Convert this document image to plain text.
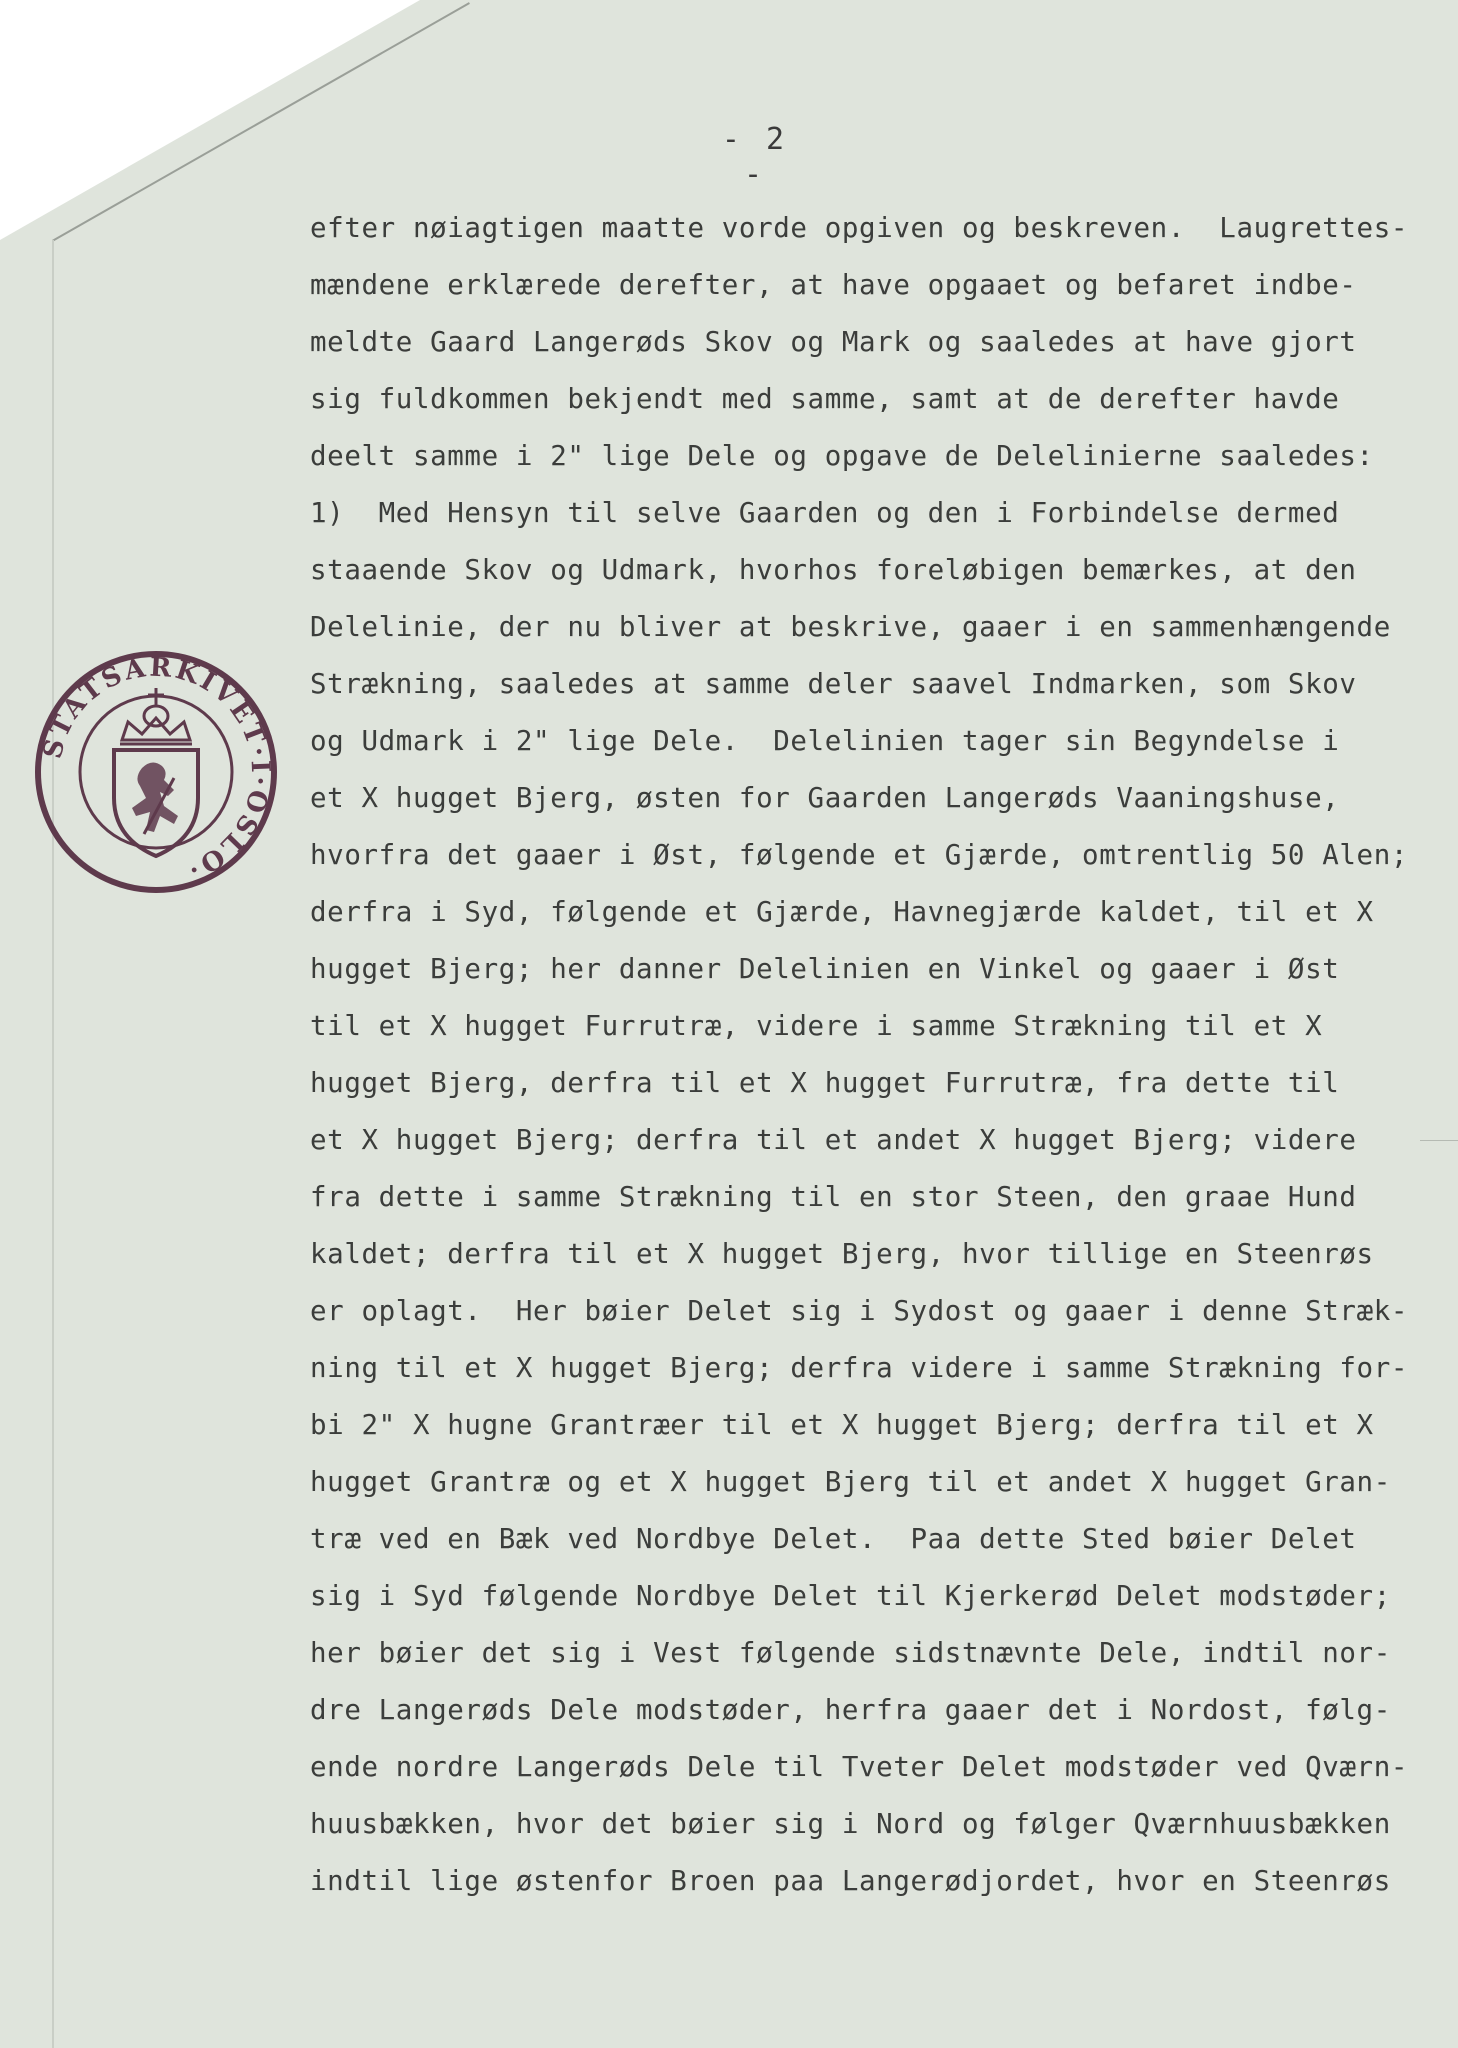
- 2 -
efter nøiagtigen maatte vorde opgiven og beskreven.  Laugrettes-
mændene erklærede derefter, at have opgaaet og befaret indbe-
meldte Gaard Langerøds Skov og Mark og saaledes at have gjort
sig fuldkommen bekjendt med samme, samt at de derefter havde
deelt samme i 2" lige Dele og opgave de Delelinierne saaledes:
1)  Med Hensyn til selve Gaarden og den i Forbindelse dermed
staaende Skov og Udmark, hvorhos foreløbigen bemærkes, at den
Delelinie, der nu bliver at beskrive, gaaer i en sammenhængende
Strækning, saaledes at samme deler saavel Indmarken, som Skov
og Udmark i 2" lige Dele.  Delelinien tager sin Begyndelse i
et X hugget Bjerg, østen for Gaarden Langerøds Vaaningshuse,
hvorfra det gaaer i Øst, følgende et Gjærde, omtrentlig 50 Alen;
derfra i Syd, følgende et Gjærde, Havnegjærde kaldet, til et X
hugget Bjerg; her danner Delelinien en Vinkel og gaaer i Øst
til et X hugget Furrutræ, videre i samme Strækning til et X
hugget Bjerg, derfra til et X hugget Furrutræ, fra dette til
et X hugget Bjerg; derfra til et andet X hugget Bjerg; videre
fra dette i samme Strækning til en stor Steen, den graae Hund
kaldet; derfra til et X hugget Bjerg, hvor tillige en Steenrøs
er oplagt.  Her bøier Delet sig i Sydost og gaaer i denne Stræk-
ning til et X hugget Bjerg; derfra videre i samme Strækning for-
bi 2" X hugne Grantræer til et X hugget Bjerg; derfra til et X
hugget Grantræ og et X hugget Bjerg til et andet X hugget Gran-
træ ved en Bæk ved Nordbye Delet.  Paa dette Sted bøier Delet
sig i Syd følgende Nordbye Delet til Kjerkerød Delet modstøder;
her bøier det sig i Vest følgende sidstnævnte Dele, indtil nor-
dre Langerøds Dele modstøder, herfra gaaer det i Nordost, følg-
ende nordre Langerøds Dele til Tveter Delet modstøder ved Qværn-
huusbækken, hvor det bøier sig i Nord og følger Qværnhuusbækken
indtil lige østenfor Broen paa Langerødjordet, hvor en Steenrøs
STATSARKIVET·I·OSLO·
